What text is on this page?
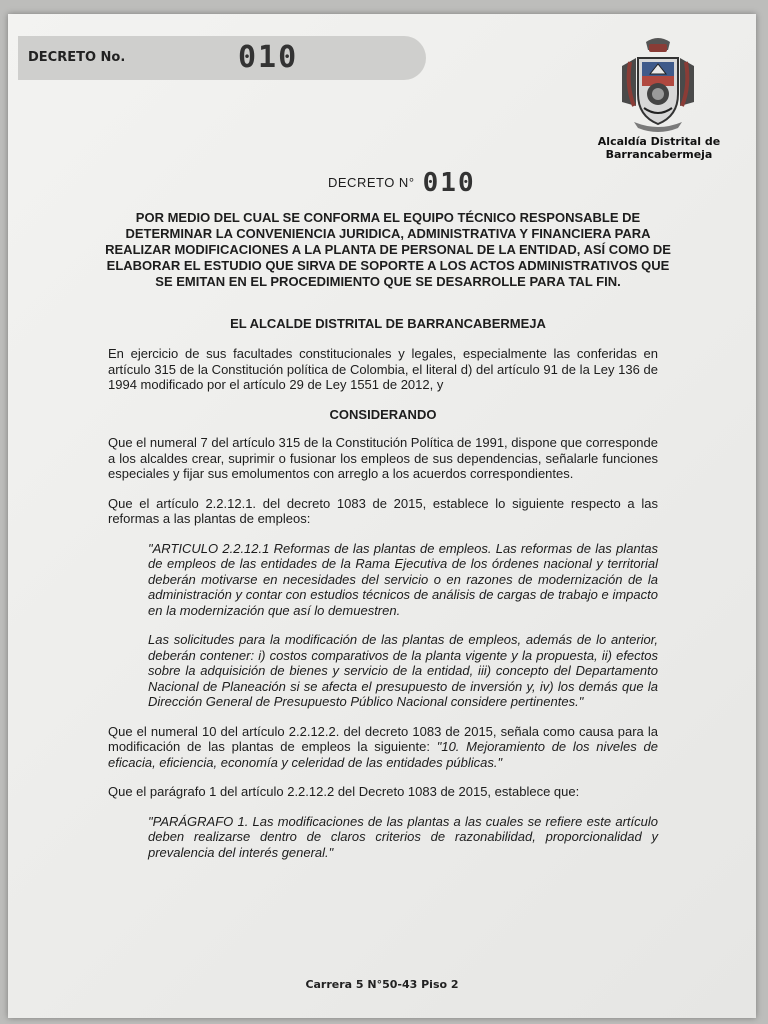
DECRETO No.	010
Alcaldía Distrital de
Barrancabermeja
DECRETO N° 010
POR MEDIO DEL CUAL SE CONFORMA EL EQUIPO TÉCNICO RESPONSABLE DE DETERMINAR LA CONVENIENCIA JURIDICA, ADMINISTRATIVA Y FINANCIERA PARA REALIZAR MODIFICACIONES A LA PLANTA DE PERSONAL DE LA ENTIDAD, ASÍ COMO DE ELABORAR EL ESTUDIO QUE SIRVA DE SOPORTE A LOS ACTOS ADMINISTRATIVOS QUE SE EMITAN EN EL PROCEDIMIENTO QUE SE DESARROLLE PARA TAL FIN.
EL ALCALDE DISTRITAL DE BARRANCABERMEJA

En ejercicio de sus facultades constitucionales y legales, especialmente las conferidas en artículo 315 de la Constitución política de Colombia, el literal d) del artículo 91 de la Ley 136 de 1994 modificado por el artículo 29 de Ley 1551 de 2012, y

CONSIDERANDO

Que el numeral 7 del artículo 315 de la Constitución Política de 1991, dispone que corresponde a los alcaldes crear, suprimir o fusionar los empleos de sus dependencias, señalarle funciones especiales y fijar sus emolumentos con arreglo a los acuerdos correspondientes.

Que el artículo 2.2.12.1. del decreto 1083 de 2015, establece lo siguiente respecto a las reformas a las plantas de empleos:

"ARTICULO 2.2.12.1 Reformas de las plantas de empleos. Las reformas de las plantas de empleos de las entidades de la Rama Ejecutiva de los órdenes nacional y territorial deberán motivarse en necesidades del servicio o en razones de modernización de la administración y contar con estudios técnicos de análisis de cargas de trabajo e impacto en la modernización que así lo demuestren.

Las solicitudes para la modificación de las plantas de empleos, además de lo anterior, deberán contener: i) costos comparativos de la planta vigente y la propuesta, ii) efectos sobre la adquisición de bienes y servicio de la entidad, iii) concepto del Departamento Nacional de Planeación si se afecta el presupuesto de inversión y, iv) los demás que la Dirección General de Presupuesto Público Nacional considere pertinentes."

Que el numeral 10 del artículo 2.2.12.2. del decreto 1083 de 2015, señala como causa para la modificación de las plantas de empleos la siguiente: "10. Mejoramiento de los niveles de eficacia, eficiencia, economía y celeridad de las entidades públicas."

Que el parágrafo 1 del artículo 2.2.12.2 del Decreto 1083 de 2015, establece que:

"PARÁGRAFO 1. Las modificaciones de las plantas a las cuales se refiere este artículo deben realizarse dentro de claros criterios de razonabilidad, proporcionalidad y prevalencia del interés general."

Carrera 5 N°50-43 Piso 2
